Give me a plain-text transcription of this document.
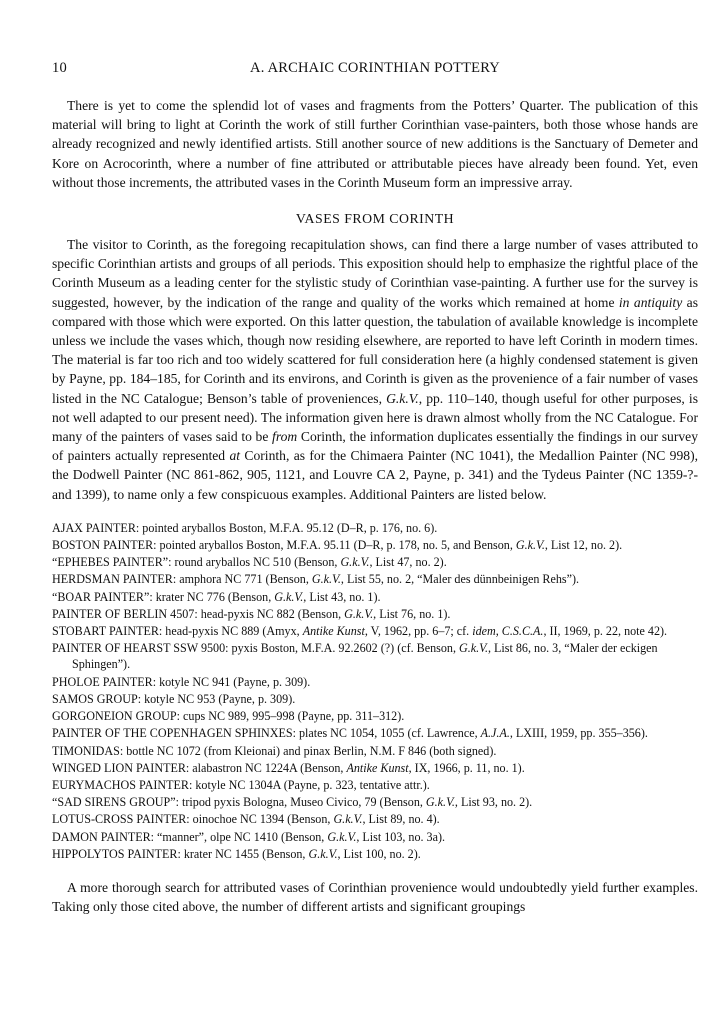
10	A. ARCHAIC CORINTHIAN POTTERY

There is yet to come the splendid lot of vases and fragments from the Potters’ Quarter. The publication of this material will bring to light at Corinth the work of still further Corinthian vase-painters, both those whose hands are already recognized and newly identified artists. Still another source of new additions is the Sanctuary of Demeter and Kore on Acrocorinth, where a number of fine attributed or attributable pieces have already been found. Yet, even without those increments, the attributed vases in the Corinth Museum form an impressive array.

VASES FROM CORINTH

The visitor to Corinth, as the foregoing recapitulation shows, can find there a large number of vases attributed to specific Corinthian artists and groups of all periods. This exposition should help to emphasize the rightful place of the Corinth Museum as a leading center for the stylistic study of Corinthian vase-painting. A further use for the survey is suggested, however, by the indication of the range and quality of the works which remained at home in antiquity as compared with those which were exported. On this latter question, the tabulation of available knowledge is incomplete unless we include the vases which, though now residing elsewhere, are reported to have left Corinth in modern times. The material is far too rich and too widely scattered for full consideration here (a highly condensed statement is given by Payne, pp. 184–185, for Corinth and its environs, and Corinth is given as the provenience of a fair number of vases listed in the NC Catalogue; Benson’s table of proveniences, G.k.V., pp. 110–140, though useful for other purposes, is not well adapted to our present need). The information given here is drawn almost wholly from the NC Catalogue. For many of the painters of vases said to be from Corinth, the information duplicates essentially the findings in our survey of painters actually represented at Corinth, as for the Chimaera Painter (NC 1041), the Medallion Painter (NC 998), the Dodwell Painter (NC 861-862, 905, 1121, and Louvre CA 2, Payne, p. 341) and the Tydeus Painter (NC 1359-?- and 1399), to name only a few conspicuous examples. Additional Painters are listed below.

AJAX PAINTER: pointed aryballos Boston, M.F.A. 95.12 (D–R, p. 176, no. 6).
BOSTON PAINTER: pointed aryballos Boston, M.F.A. 95.11 (D–R, p. 178, no. 5, and Benson, G.k.V., List 12, no. 2).
“EPHEBES PAINTER”: round aryballos NC 510 (Benson, G.k.V., List 47, no. 2).
HERDSMAN PAINTER: amphora NC 771 (Benson, G.k.V., List 55, no. 2, “Maler des dünnbeinigen Rehs”).
“BOAR PAINTER”: krater NC 776 (Benson, G.k.V., List 43, no. 1).
PAINTER OF BERLIN 4507: head-pyxis NC 882 (Benson, G.k.V., List 76, no. 1).
STOBART PAINTER: head-pyxis NC 889 (Amyx, Antike Kunst, V, 1962, pp. 6–7; cf. idem, C.S.C.A., II, 1969, p. 22, note 42).
PAINTER OF HEARST SSW 9500: pyxis Boston, M.F.A. 92.2602 (?) (cf. Benson, G.k.V., List 86, no. 3, “Maler der eckigen Sphingen”).
PHOLOE PAINTER: kotyle NC 941 (Payne, p. 309).
SAMOS GROUP: kotyle NC 953 (Payne, p. 309).
GORGONEION GROUP: cups NC 989, 995–998 (Payne, pp. 311–312).
PAINTER OF THE COPENHAGEN SPHINXES: plates NC 1054, 1055 (cf. Lawrence, A.J.A., LXIII, 1959, pp. 355–356).
TIMONIDAS: bottle NC 1072 (from Kleionai) and pinax Berlin, N.M. F 846 (both signed).
WINGED LION PAINTER: alabastron NC 1224A (Benson, Antike Kunst, IX, 1966, p. 11, no. 1).
EURYMACHOS PAINTER: kotyle NC 1304A (Payne, p. 323, tentative attr.).
“SAD SIRENS GROUP”: tripod pyxis Bologna, Museo Civico, 79 (Benson, G.k.V., List 93, no. 2).
LOTUS-CROSS PAINTER: oinochoe NC 1394 (Benson, G.k.V., List 89, no. 4).
DAMON PAINTER: “manner”, olpe NC 1410 (Benson, G.k.V., List 103, no. 3a).
HIPPOLYTOS PAINTER: krater NC 1455 (Benson, G.k.V., List 100, no. 2).

A more thorough search for attributed vases of Corinthian provenience would undoubtedly yield further examples. Taking only those cited above, the number of different artists and significant groupings
